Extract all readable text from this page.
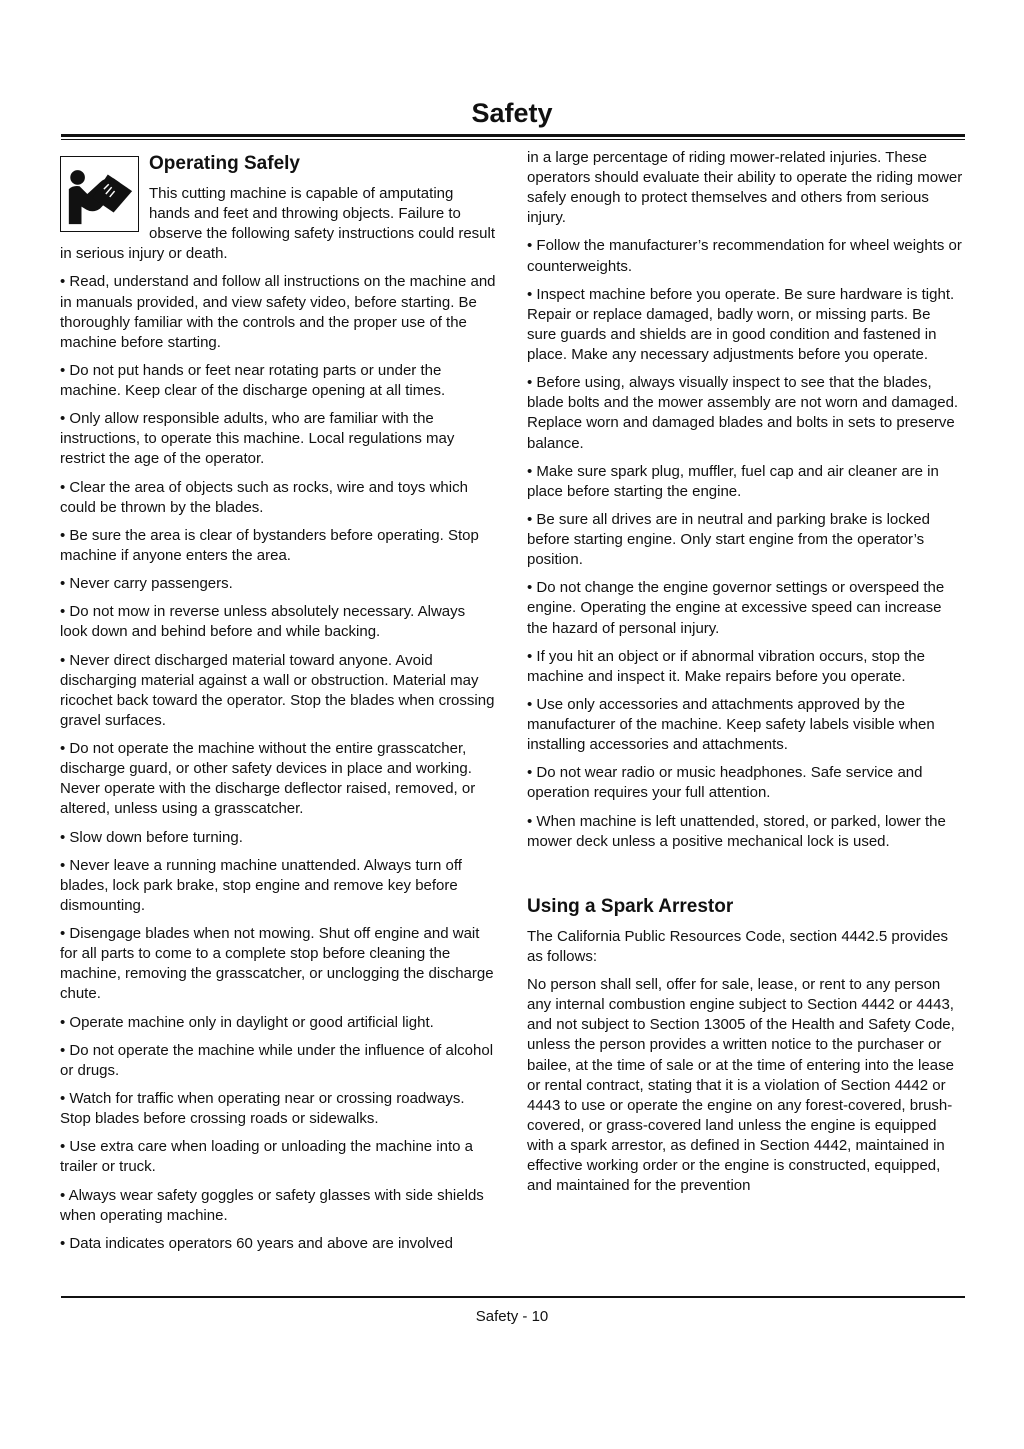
Safety
Operating Safely

This cutting machine is capable of amputating hands and feet and throwing objects. Failure to observe the following safety instructions could result in serious injury or death.

• Read, understand and follow all instructions on the machine and in manuals provided, and view safety video, before starting. Be thoroughly familiar with the controls and the proper use of the machine before starting.

• Do not put hands or feet near rotating parts or under the machine. Keep clear of the discharge opening at all times.

• Only allow responsible adults, who are familiar with the instructions, to operate this machine. Local regulations may restrict the age of the operator.

• Clear the area of objects such as rocks, wire and toys which could be thrown by the blades.

• Be sure the area is clear of bystanders before operating. Stop machine if anyone enters the area.

• Never carry passengers.

• Do not mow in reverse unless absolutely necessary. Always look down and behind before and while backing.

• Never direct discharged material toward anyone. Avoid discharging material against a wall or obstruction. Material may ricochet back toward the operator. Stop the blades when crossing gravel surfaces.

• Do not operate the machine without the entire grasscatcher, discharge guard, or other safety devices in place and working. Never operate with the discharge deflector raised, removed, or altered, unless using a grasscatcher.

• Slow down before turning.

• Never leave a running machine unattended. Always turn off blades, lock park brake, stop engine and remove key before dismounting.

• Disengage blades when not mowing. Shut off engine and wait for all parts to come to a complete stop before cleaning the machine, removing the grasscatcher, or unclogging the discharge chute.

• Operate machine only in daylight or good artificial light.

• Do not operate the machine while under the influence of alcohol or drugs.

• Watch for traffic when operating near or crossing roadways. Stop blades before crossing roads or sidewalks.

• Use extra care when loading or unloading the machine into a trailer or truck.

• Always wear safety goggles or safety glasses with side shields when operating machine.

• Data indicates operators 60 years and above are involved

in a large percentage of riding mower-related injuries. These operators should evaluate their ability to operate the riding mower safely enough to protect themselves and others from serious injury.

• Follow the manufacturer’s recommendation for wheel weights or counterweights.

• Inspect machine before you operate. Be sure hardware is tight. Repair or replace damaged, badly worn, or missing parts. Be sure guards and shields are in good condition and fastened in place. Make any necessary adjustments before you operate.

• Before using, always visually inspect to see that the blades, blade bolts and the mower assembly are not worn and damaged. Replace worn and damaged blades and bolts in sets to preserve balance.

• Make sure spark plug, muffler, fuel cap and air cleaner are in place before starting the engine.

• Be sure all drives are in neutral and parking brake is locked before starting engine. Only start engine from the operator’s position.

• Do not change the engine governor settings or overspeed the engine. Operating the engine at excessive speed can increase the hazard of personal injury.

• If you hit an object or if abnormal vibration occurs, stop the machine and inspect it. Make repairs before you operate.

• Use only accessories and attachments approved by the manufacturer of the machine. Keep safety labels visible when installing accessories and attachments.

• Do not wear radio or music headphones. Safe service and operation requires your full attention.

• When machine is left unattended, stored, or parked, lower the mower deck unless a positive mechanical lock is used.

Using a Spark Arrestor

The California Public Resources Code, section 4442.5 provides as follows:

No person shall sell, offer for sale, lease, or rent to any person any internal combustion engine subject to Section 4442 or 4443, and not subject to Section 13005 of the Health and Safety Code, unless the person provides a written notice to the purchaser or bailee, at the time of sale or at the time of entering into the lease or rental contract, stating that it is a violation of Section 4442 or 4443 to use or operate the engine on any forest-covered, brush-covered, or grass-covered land unless the engine is equipped with a spark arrestor, as defined in Section 4442, maintained in effective working order or the engine is constructed, equipped, and maintained for the prevention

Safety - 10
